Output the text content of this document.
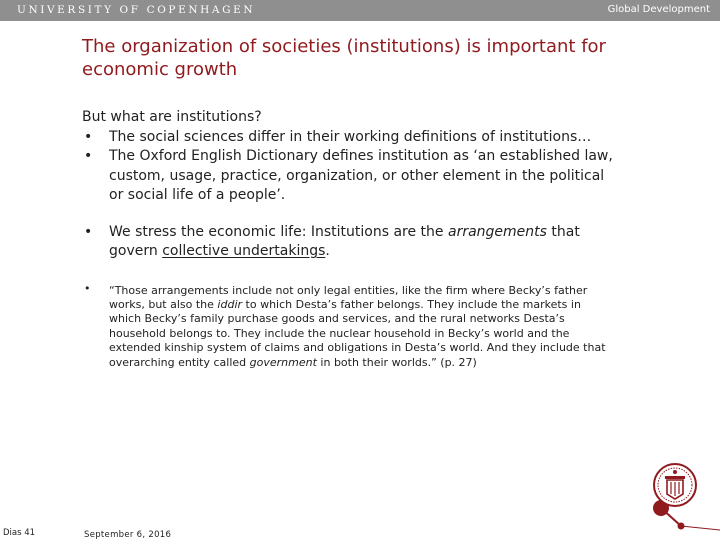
UNIVERSITY OF COPENHAGEN	Global Development
The organization of societies (institutions) is important for economic growth

But what are institutions?

• The social sciences differ in their working definitions of institutions…
• The Oxford English Dictionary defines institution as ‘an established law, custom, usage, practice, organization, or other element in the political or social life of a people’.
• We stress the economic life: Institutions are the arrangements that govern collective undertakings.
• “Those arrangements include not only legal entities, like the firm where Becky’s father works, but also the iddir to which Desta’s father belongs. They include the markets in which Becky’s family purchase goods and services, and the rural networks Desta’s household belongs to. They include the nuclear household in Becky’s world and the extended kinship system of claims and obligations in Desta’s world. And they include that overarching entity called government in both their worlds.” (p. 27)
Dias 41	September 6, 2016
